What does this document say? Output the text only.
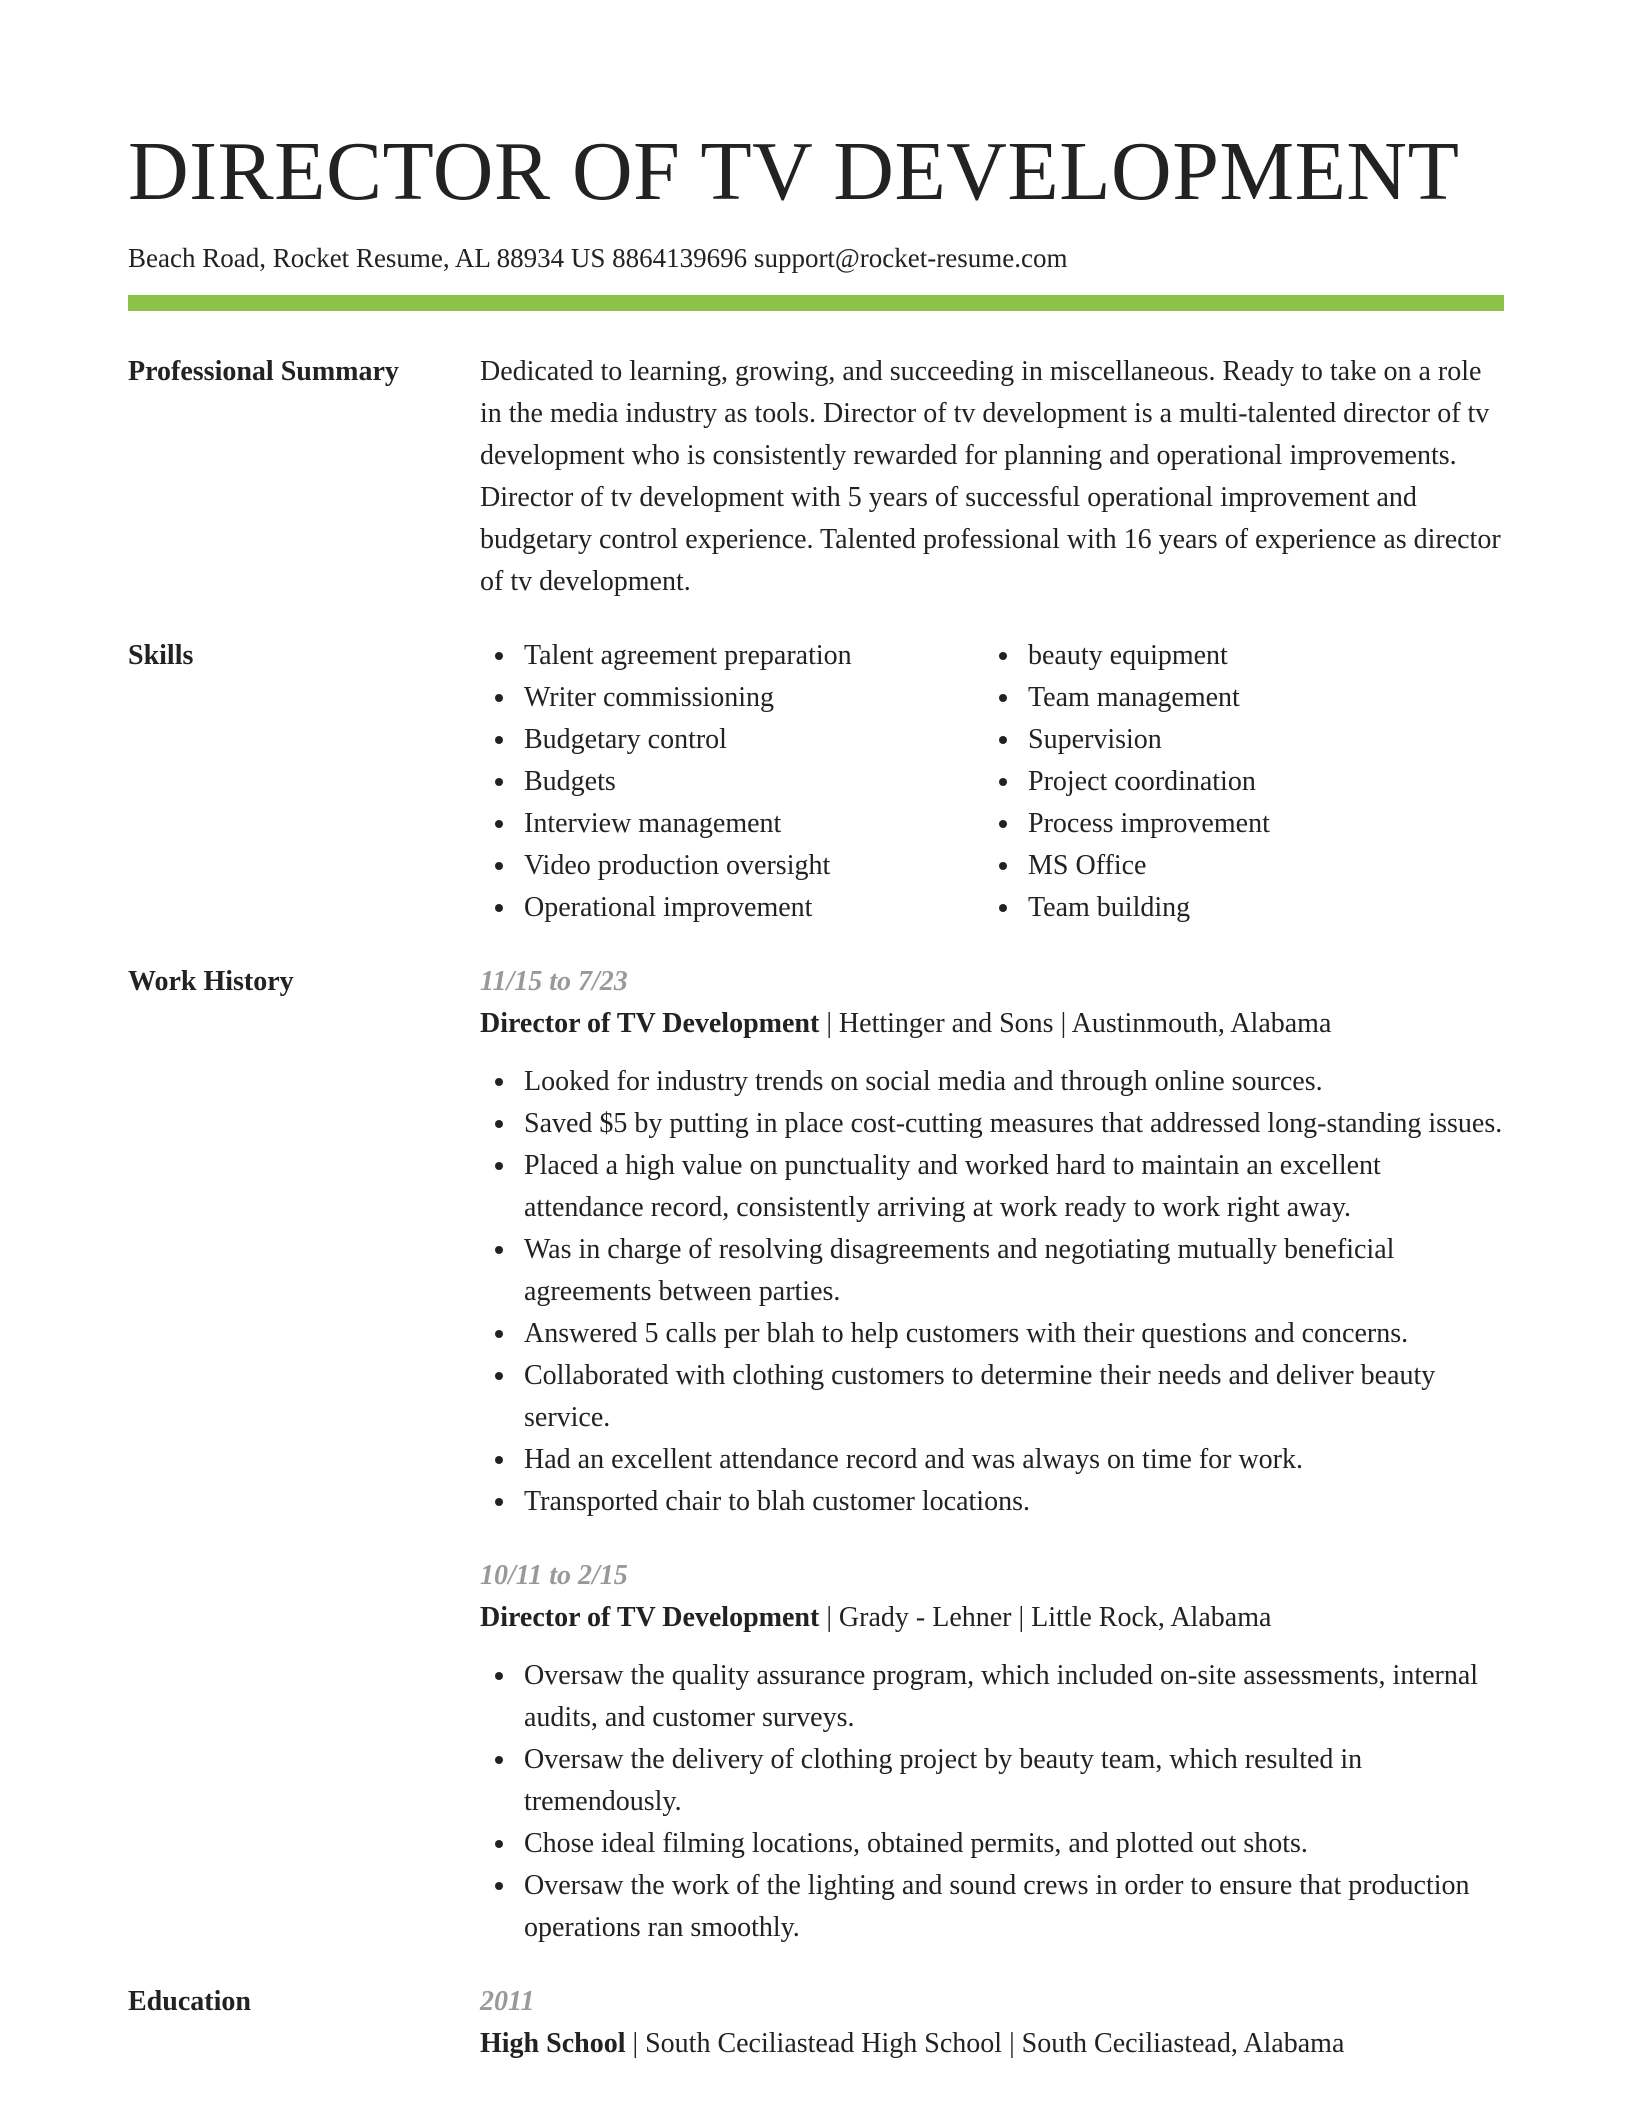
DIRECTOR OF TV DEVELOPMENT
Beach Road, Rocket Resume, AL 88934 US 8864139696 support@rocket-resume.com
Professional Summary	Dedicated to learning, growing, and succeeding in miscellaneous. Ready to take on a role in the media industry as tools. Director of tv development is a multi-talented director of tv development who is consistently rewarded for planning and operational improvements. Director of tv development with 5 years of successful operational improvement and budgetary control experience. Talented professional with 16 years of experience as director of tv development.

Skills	Talent agreement preparation
Writer commissioning
Budgetary control
Budgets
Interview management
Video production oversight
Operational improvement
beauty equipment
Team management
Supervision
Project coordination
Process improvement
MS Office
Team building
Work History	11/15 to 7/23
Director of TV Development | Hettinger and Sons | Austinmouth, Alabama
Looked for industry trends on social media and through online sources.
Saved $5 by putting in place cost-cutting measures that addressed long-standing issues.
Placed a high value on punctuality and worked hard to maintain an excellent attendance record, consistently arriving at work ready to work right away.
Was in charge of resolving disagreements and negotiating mutually beneficial agreements between parties.
Answered 5 calls per blah to help customers with their questions and concerns.
Collaborated with clothing customers to determine their needs and deliver beauty service.
Had an excellent attendance record and was always on time for work.
Transported chair to blah customer locations.
10/11 to 2/15
Director of TV Development | Grady - Lehner | Little Rock, Alabama
Oversaw the quality assurance program, which included on-site assessments, internal audits, and customer surveys.
Oversaw the delivery of clothing project by beauty team, which resulted in tremendously.
Chose ideal filming locations, obtained permits, and plotted out shots.
Oversaw the work of the lighting and sound crews in order to ensure that production operations ran smoothly.
Education	2011
High School | South Ceciliastead High School | South Ceciliastead, Alabama
